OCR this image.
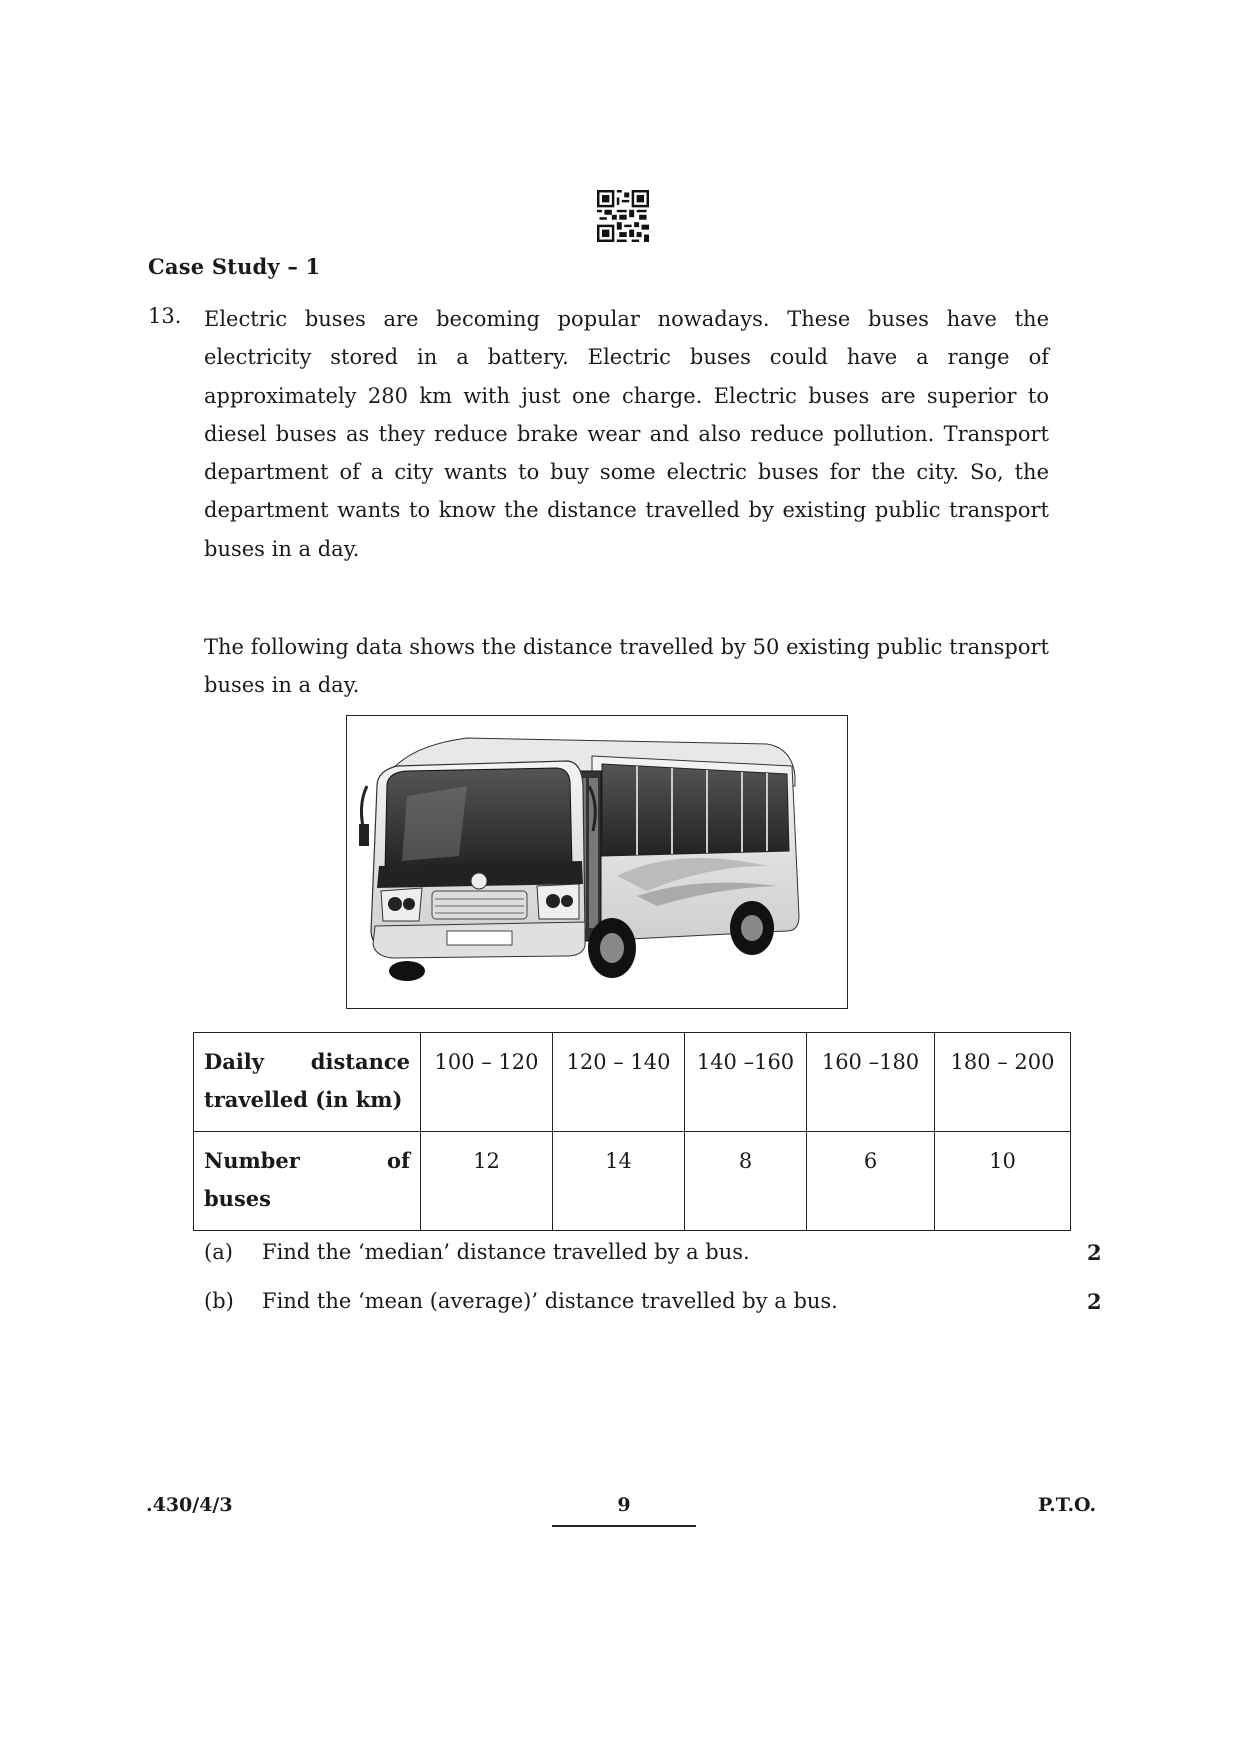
Case Study – 1
13. Electric buses are becoming popular nowadays. These buses have the electricity stored in a battery. Electric buses could have a range of approximately 280 km with just one charge. Electric buses are superior to diesel buses as they reduce brake wear and also reduce pollution. Transport department of a city wants to buy some electric buses for the city. So, the department wants to know the distance travelled by existing public transport buses in a day.

The following data shows the distance travelled by 50 existing public transport buses in a day.

Daily distance
travelled (in km)	100 – 120	120 – 140	140 –160	160 –180	180 – 200

Number of
buses	12	14	8	6	10
(a) Find the ‘median’ distance travelled by a bus.	2
(b) Find the ‘mean (average)’ distance travelled by a bus.	2
.430/4/3	9	P.T.O.
